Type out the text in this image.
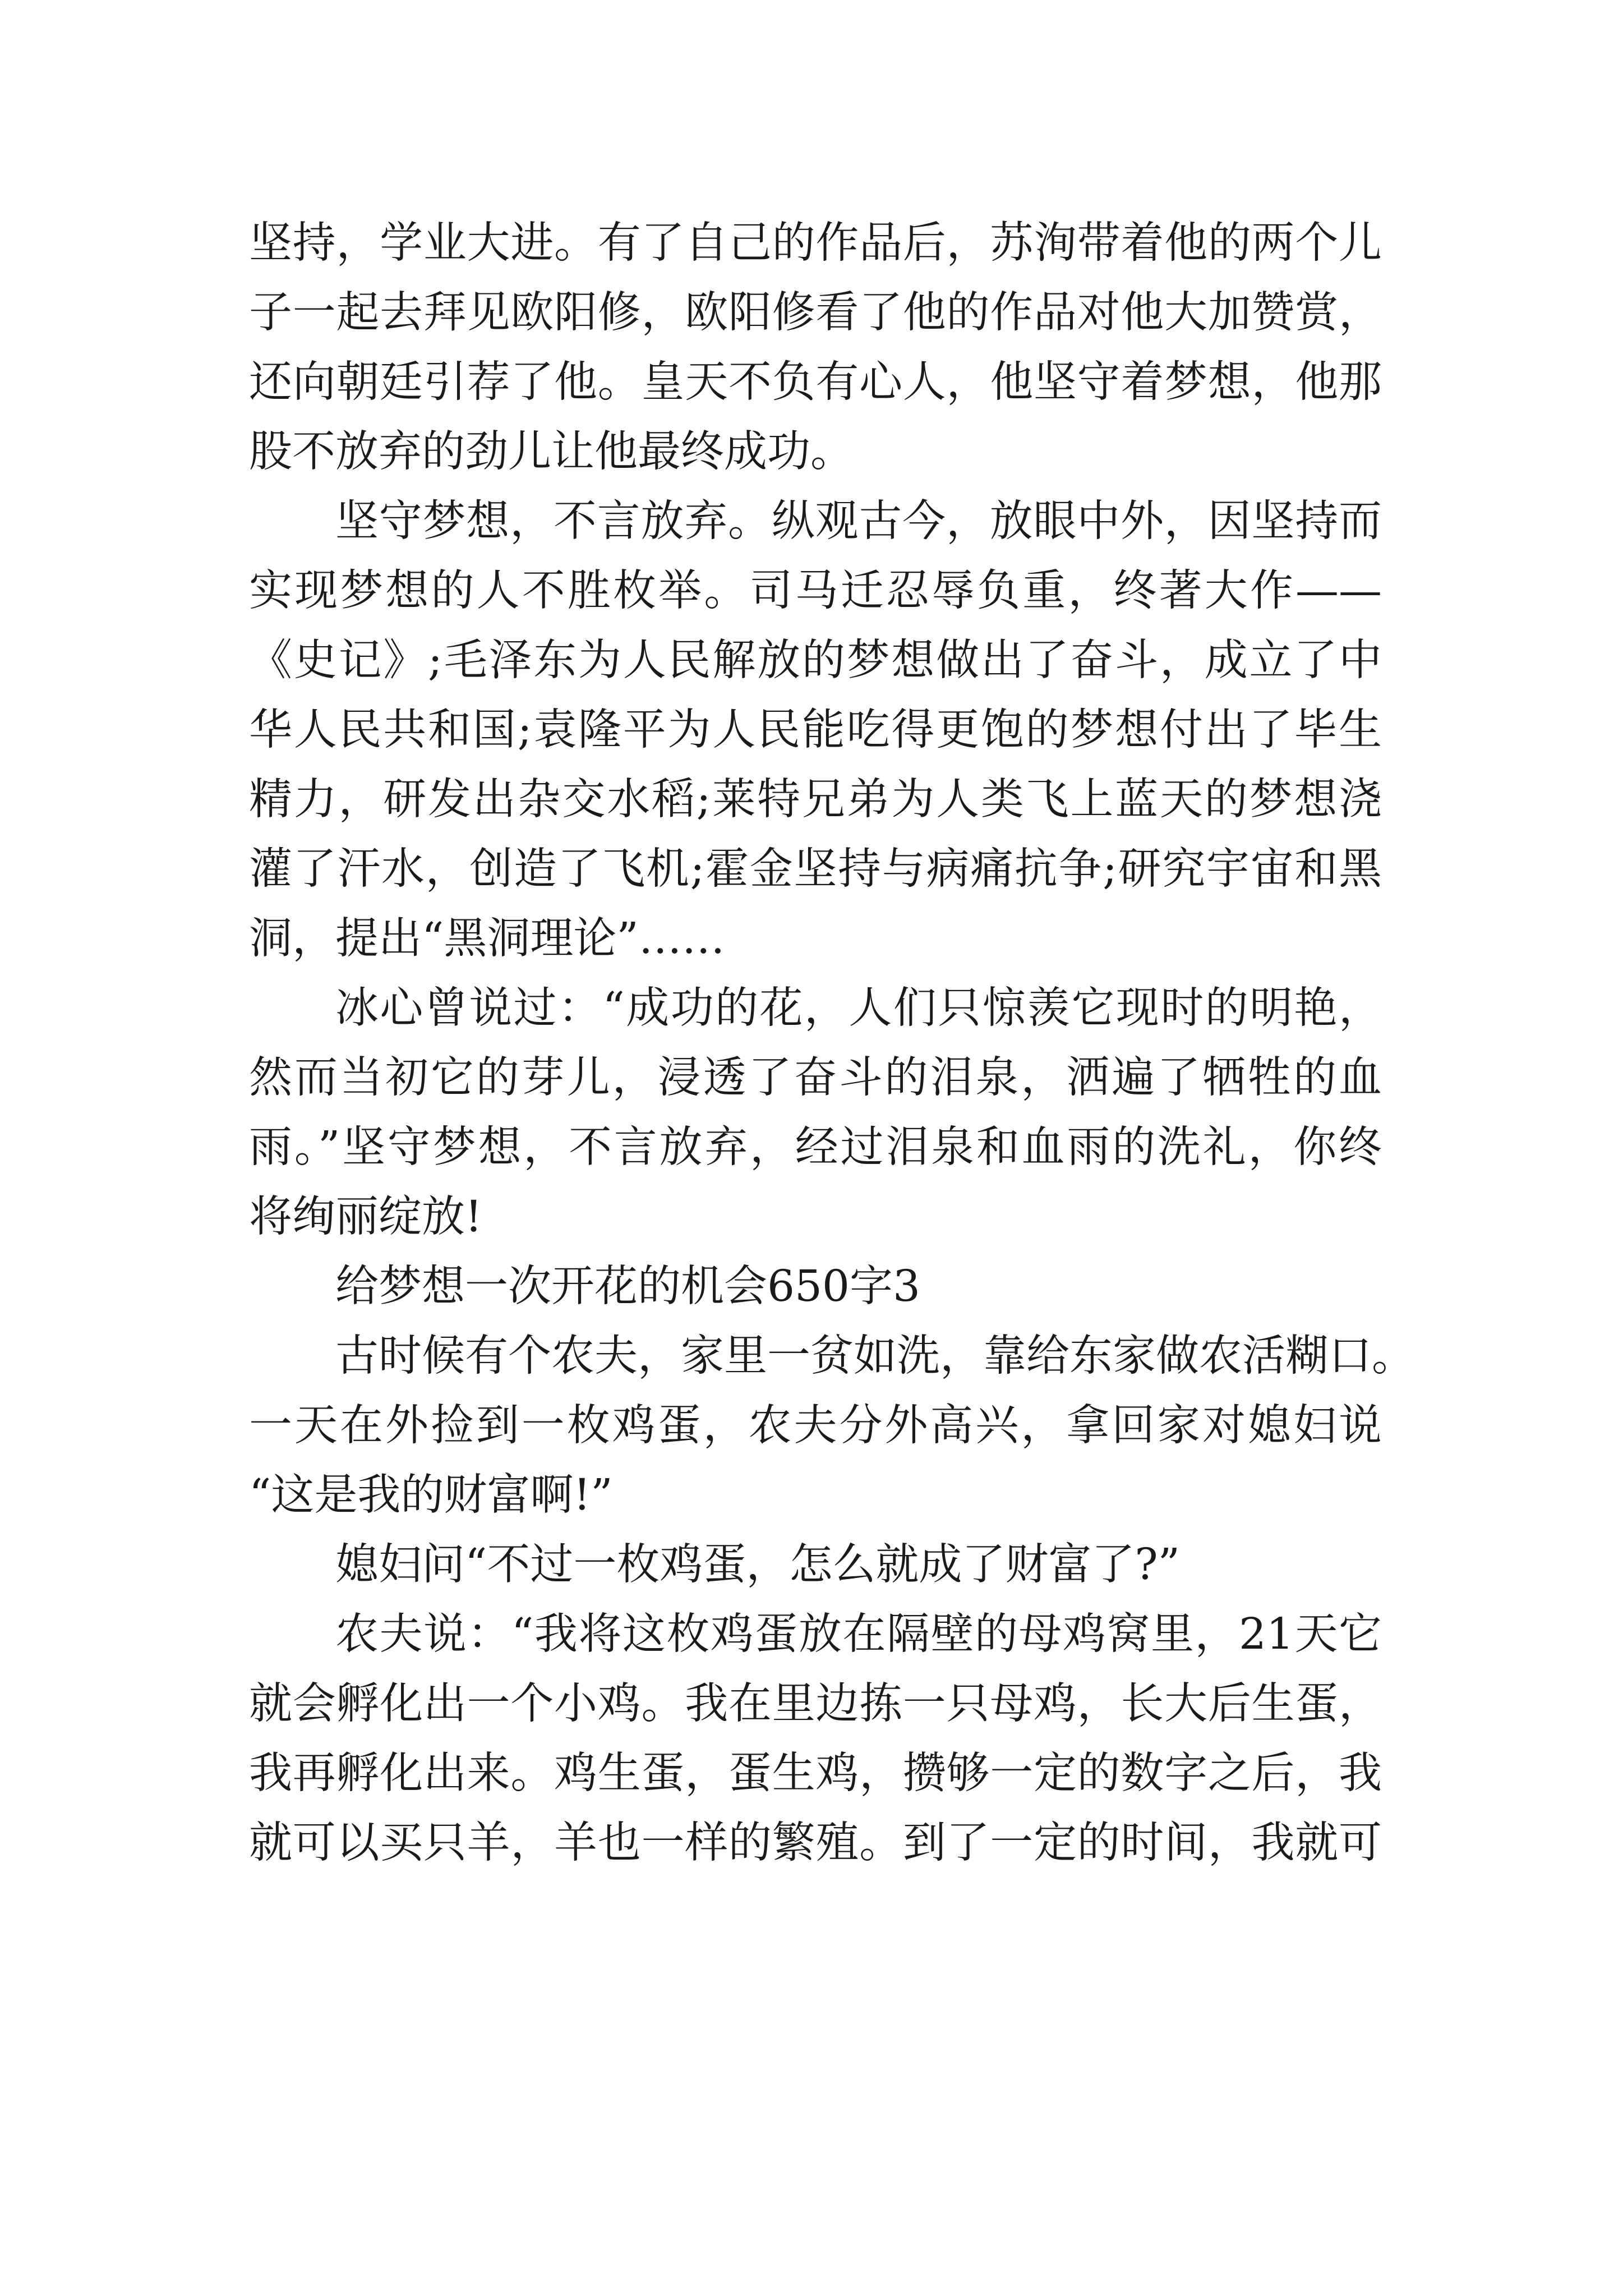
坚持，学业大进。有了自己的作品后，苏洵带着他的两个儿
子一起去拜见欧阳修，欧阳修看了他的作品对他大加赞赏，
还向朝廷引荐了他。皇天不负有心人，他坚守着梦想，他那
股不放弃的劲儿让他最终成功。
坚守梦想，不言放弃。纵观古今，放眼中外，因坚持而
实现梦想的人不胜枚举。司马迁忍辱负重，终著大作——
《史记》;毛泽东为人民解放的梦想做出了奋斗，成立了中
华人民共和国;袁隆平为人民能吃得更饱的梦想付出了毕生
精力，研发出杂交水稻;莱特兄弟为人类飞上蓝天的梦想浇
灌了汗水，创造了飞机;霍金坚持与病痛抗争;研究宇宙和黑
洞，提出“黑洞理论”……
冰心曾说过：“成功的花，人们只惊羡它现时的明艳，
然而当初它的芽儿，浸透了奋斗的泪泉，洒遍了牺牲的血
雨。”坚守梦想，不言放弃，经过泪泉和血雨的洗礼，你终
将绚丽绽放!
给梦想一次开花的机会650字3
古时候有个农夫，家里一贫如洗，靠给东家做农活糊口。
一天在外捡到一枚鸡蛋，农夫分外高兴，拿回家对媳妇说
“这是我的财富啊!”
媳妇问“不过一枚鸡蛋，怎么就成了财富了?”
农夫说：“我将这枚鸡蛋放在隔壁的母鸡窝里，21天它
就会孵化出一个小鸡。我在里边拣一只母鸡，长大后生蛋，
我再孵化出来。鸡生蛋，蛋生鸡，攒够一定的数字之后，我
就可以买只羊，羊也一样的繁殖。到了一定的时间，我就可
